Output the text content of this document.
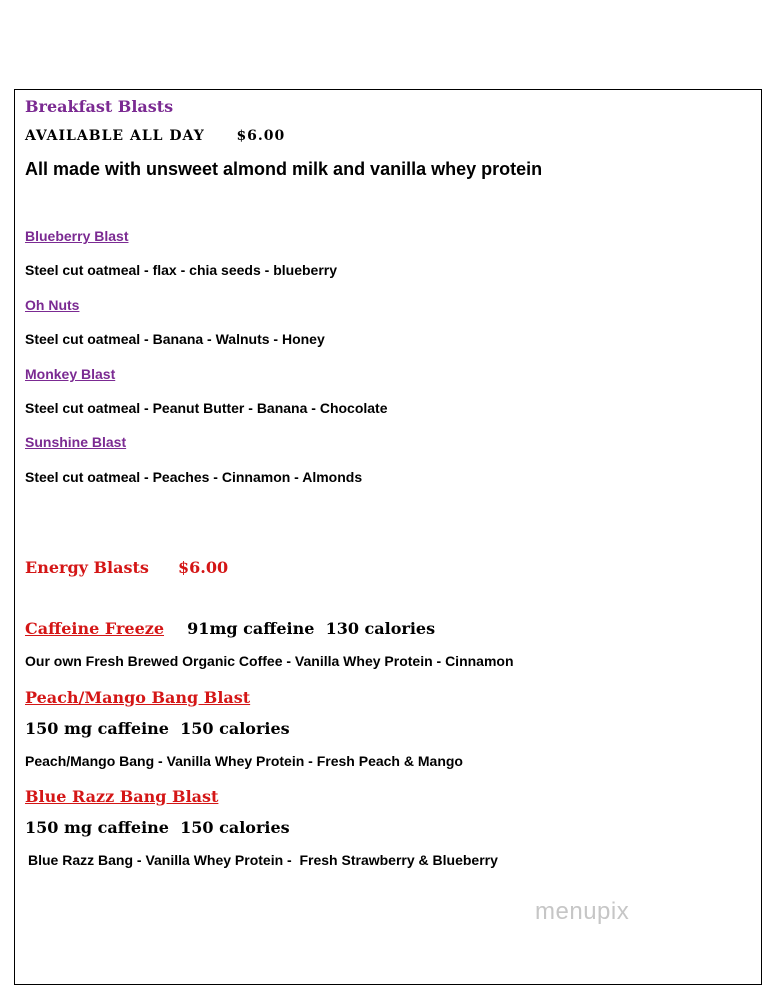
Breakfast Blasts
AVAILABLE ALL DAY $6.00
All made with unsweet almond milk and vanilla whey protein
Blueberry Blast
Steel cut oatmeal - flax - chia seeds - blueberry
Oh Nuts
Steel cut oatmeal - Banana - Walnuts - Honey
Monkey Blast
Steel cut oatmeal - Peanut Butter - Banana - Chocolate
Sunshine Blast
Steel cut oatmeal - Peaches - Cinnamon - Almonds
Energy Blasts $6.00
Caffeine Freeze 91mg caffeine  130 calories
Our own Fresh Brewed Organic Coffee - Vanilla Whey Protein - Cinnamon
Peach/Mango Bang Blast
150 mg caffeine  150 calories
Peach/Mango Bang - Vanilla Whey Protein - Fresh Peach & Mango
Blue Razz Bang Blast
150 mg caffeine  150 calories
Blue Razz Bang - Vanilla Whey Protein -  Fresh Strawberry & Blueberry
menupix
